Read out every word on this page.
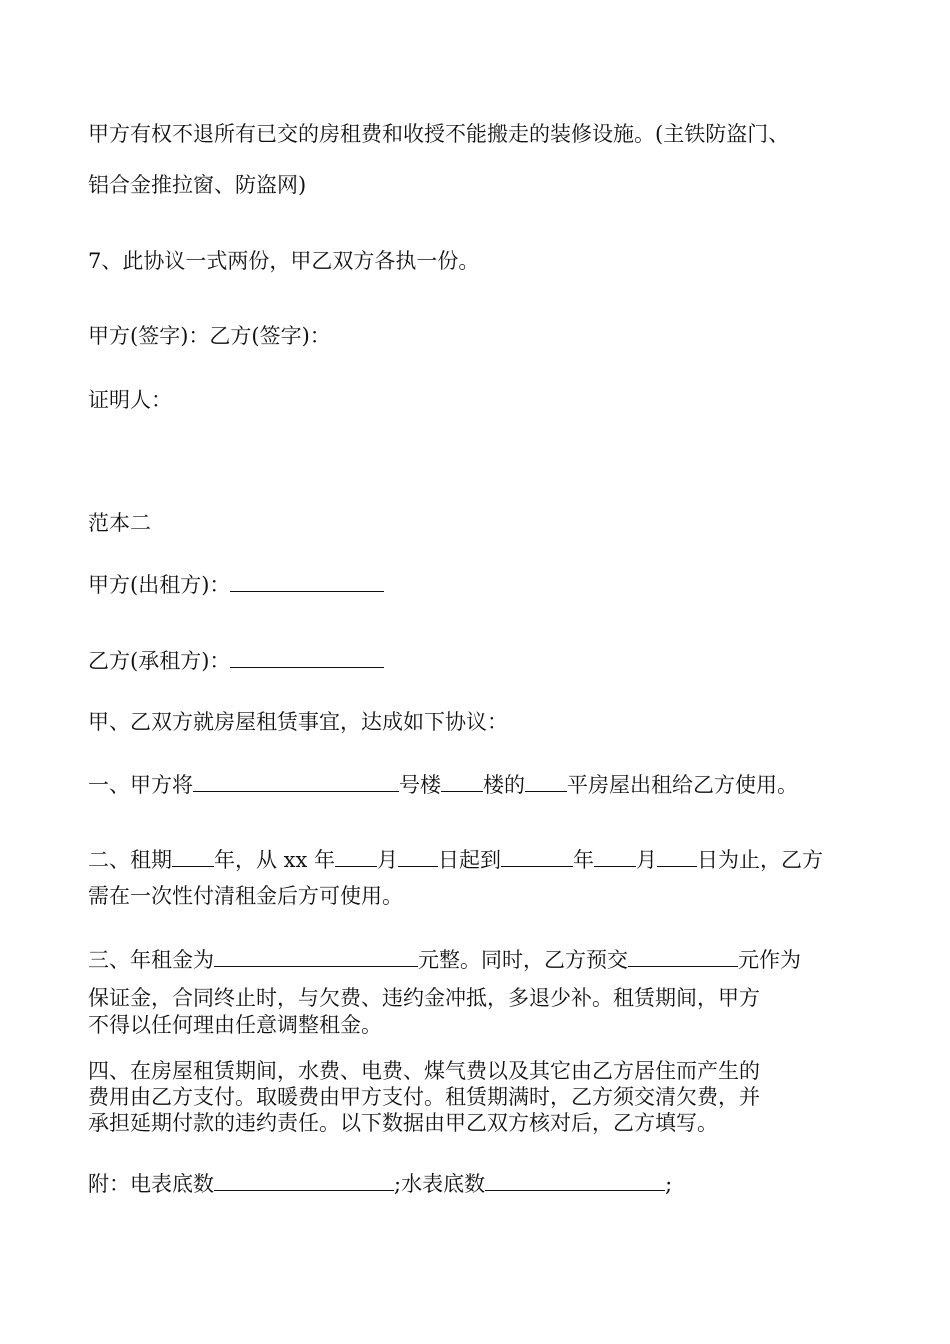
甲方有权不退所有已交的房租费和收授不能搬走的装修设施。(主铁防盗门、
铝合金推拉窗、防盗网)
7、此协议一式两份，甲乙双方各执一份。
甲方(签字)：乙方(签字)：
证明人：
范本二
甲方(出租方)：
乙方(承租方)：
甲、乙双方就房屋租赁事宜，达成如下协议：
一、甲方将	号楼 楼的 平房屋出租给乙方使用。
二、租期 年，从 xx 年 月 日起到	年 月 日为止，乙方
需在一次性付清租金后方可使用。
三、年租金为	元整。同时，乙方预交	元作为
保证金，合同终止时，与欠费、违约金冲抵，多退少补。租赁期间，甲方
不得以任何理由任意调整租金。
四、在房屋租赁期间，水费、电费、煤气费以及其它由乙方居住而产生的
费用由乙方支付。取暖费由甲方支付。租赁期满时，乙方须交清欠费，并
承担延期付款的违约责任。以下数据由甲乙双方核对后，乙方填写。
附：电表底数	;水表底数	;
